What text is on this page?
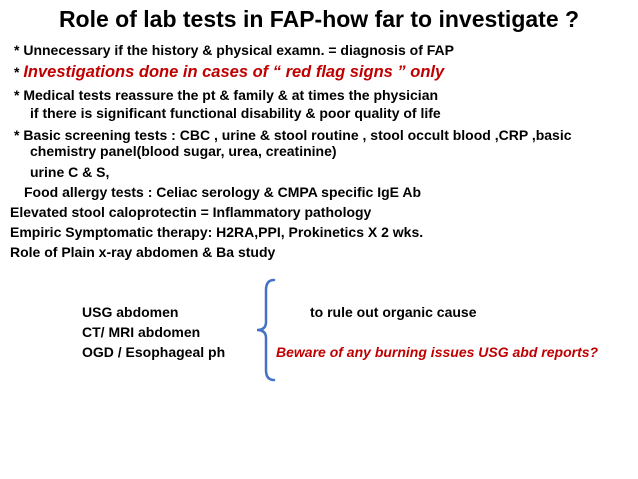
Role of lab tests in FAP-how far to investigate ?
* Unnecessary if the history & physical examn. = diagnosis of FAP
* Investigations done in cases of “ red flag signs ” only
* Medical tests reassure the pt & family & at times the physician
if there is significant functional disability & poor quality of life
* Basic screening tests : CBC , urine & stool routine , stool occult blood ,CRP ,basic
chemistry panel(blood sugar, urea, creatinine)
urine C & S,
Food allergy tests : Celiac serology & CMPA specific IgE Ab
Elevated stool caloprotectin = Inflammatory pathology
Empiric Symptomatic therapy: H2RA,PPI, Prokinetics X 2 wks.
Role of Plain x-ray abdomen & Ba study
USG abdomen
CT/ MRI abdomen
OGD / Esophageal ph
to rule out organic cause
Beware of any burning issues USG abd reports?
